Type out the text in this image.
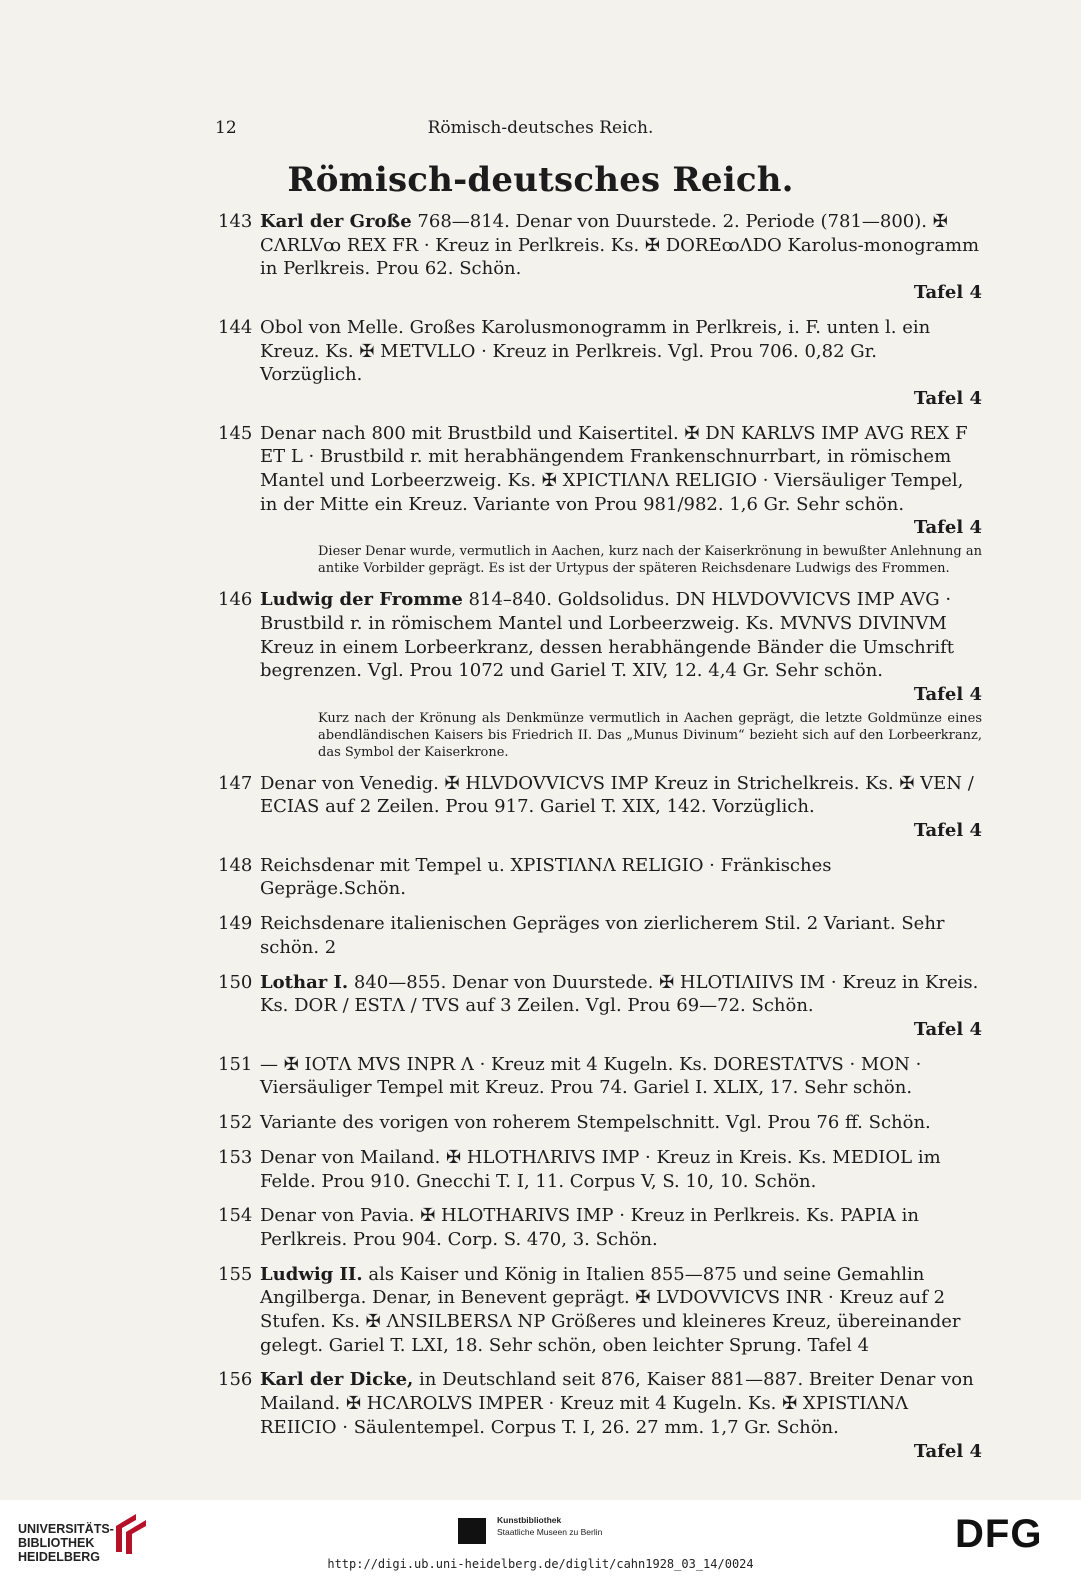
12	Römisch-deutsches Reich.
Römisch-deutsches Reich.
143 Karl der Große 768—814. Denar von Duurstede. 2. Periode (781—800). ✠ CΛRLVꝏ REX FR · Kreuz in Perlkreis. Ks. ✠ DOREꝏΛDO Karolus-monogramm in Perlkreis. Prou 62. Schön.
Tafel 4
144 Obol von Melle. Großes Karolusmonogramm in Perlkreis, i. F. unten l. ein Kreuz. Ks. ✠ METVLLO · Kreuz in Perlkreis. Vgl. Prou 706. 0,82 Gr. Vorzüglich.
Tafel 4
145 Denar nach 800 mit Brustbild und Kaisertitel. ✠ DN KARLVS IMP AVG REX F ET L · Brustbild r. mit herabhängendem Frankenschnurrbart, in römischem Mantel und Lorbeerzweig. Ks. ✠ XPICTIΛNΛ RELIGIO · Viersäuliger Tempel, in der Mitte ein Kreuz. Variante von Prou 981/982. 1,6 Gr. Sehr schön.
Tafel 4
Dieser Denar wurde, vermutlich in Aachen, kurz nach der Kaiserkrönung in bewußter Anlehnung an antike Vorbilder geprägt. Es ist der Urtypus der späteren Reichsdenare Ludwigs des Frommen.
146 Ludwig der Fromme 814–840. Goldsolidus. DN HLVDOVVICVS IMP AVG · Brustbild r. in römischem Mantel und Lorbeerzweig. Ks. MVNVS DIVINVM Kreuz in einem Lorbeerkranz, dessen herabhängende Bänder die Umschrift begrenzen. Vgl. Prou 1072 und Gariel T. XIV, 12. 4,4 Gr. Sehr schön.
Tafel 4
Kurz nach der Krönung als Denkmünze vermutlich in Aachen geprägt, die letzte Goldmünze eines abendländischen Kaisers bis Friedrich II. Das „Munus Divinum“ bezieht sich auf den Lorbeerkranz, das Symbol der Kaiserkrone.
147 Denar von Venedig. ✠ HLVDOVVICVS IMP Kreuz in Strichelkreis. Ks. ✠ VEN / ECIAS auf 2 Zeilen. Prou 917. Gariel T. XIX, 142. Vorzüglich.
Tafel 4
148 Reichsdenar mit Tempel u. XPISTIΛNΛ RELIGIO · Fränkisches Gepräge.Schön.
149 Reichsdenare italienischen Gepräges von zierlicherem Stil. 2 Variant. Sehr schön. 2
150 Lothar I. 840—855. Denar von Duurstede. ✠ HLOTIΛIIVS IM · Kreuz in Kreis. Ks. DOR / ESTΛ / TVS auf 3 Zeilen. Vgl. Prou 69—72. Schön.
Tafel 4
151 — ✠ IOTΛ MVS INPR Λ · Kreuz mit 4 Kugeln. Ks. DORESTΛTVS · MON · Viersäuliger Tempel mit Kreuz. Prou 74. Gariel I. XLIX, 17. Sehr schön.
152 Variante des vorigen von roherem Stempelschnitt. Vgl. Prou 76 ff. Schön.
153 Denar von Mailand. ✠ HLOTHΛRIVS IMP · Kreuz in Kreis. Ks. MEDIOL im Felde. Prou 910. Gnecchi T. I, 11. Corpus V, S. 10, 10. Schön.
154 Denar von Pavia. ✠ HLOTHARIVS IMP · Kreuz in Perlkreis. Ks. PAPIA in Perlkreis. Prou 904. Corp. S. 470, 3. Schön.
155 Ludwig II. als Kaiser und König in Italien 855—875 und seine Gemahlin Angilberga. Denar, in Benevent geprägt. ✠ LVDOVVICVS INR · Kreuz auf 2 Stufen. Ks. ✠ ΛNSILBERSΛ NP Größeres und kleineres Kreuz, übereinander gelegt. Gariel T. LXI, 18. Sehr schön, oben leichter Sprung. Tafel 4
156 Karl der Dicke, in Deutschland seit 876, Kaiser 881—887. Breiter Denar von Mailand. ✠ HCΛROLVS IMPER · Kreuz mit 4 Kugeln. Ks. ✠ XPISTIΛNΛ REIICIO · Säulentempel. Corpus T. I, 26. 27 mm. 1,7 Gr. Schön.
Tafel 4
UNIVERSITÄTS-
BIBLIOTHEK
HEIDELBERG
Kunstbibliothek
Staatliche Museen zu Berlin	DFG
http://digi.ub.uni-heidelberg.de/diglit/cahn1928_03_14/0024
